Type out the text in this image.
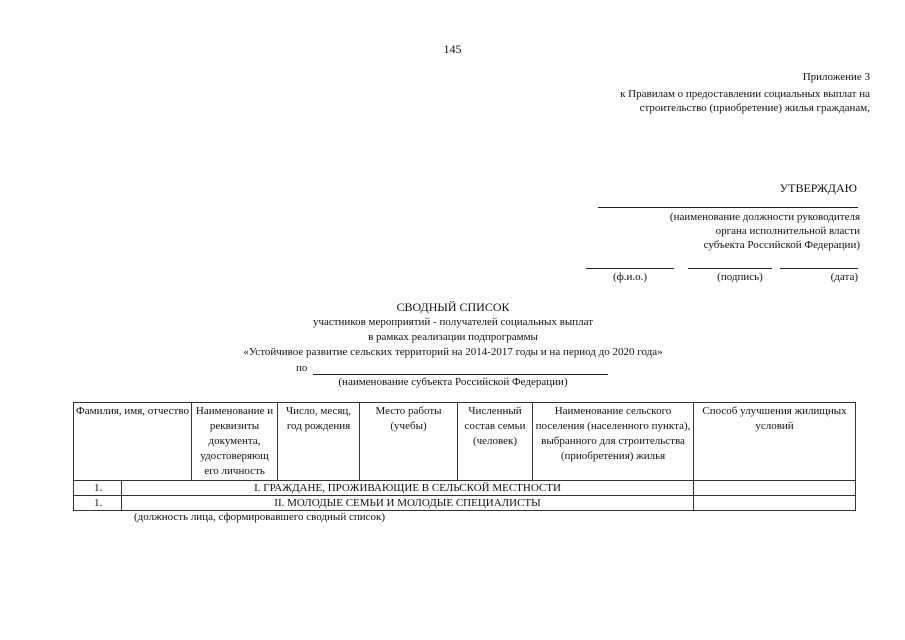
145
Приложение 3
к Правилам о предоставлении социальных выплат на
строительство (приобретение) жилья гражданам,
УТВЕРЖДАЮ
(наименование должности руководителя
органа исполнительной власти
субъекта Российской Федерации)
(ф.и.о.)	(подпись)	(дата)
СВОДНЫЙ СПИСОК
участников мероприятий - получателей социальных выплат
в рамках реализации подпрограммы
«Устойчивое развитие сельских территорий на 2014-2017 годы и на период до 2020 года»
по
(наименование субъекта Российской Федерации)
Фамилия, имя, отчество		Наименование и реквизиты документа, удостоверяющ его личность	Число, месяц, год рождения	Место работы (учебы)	Численный состав семьи (человек)	Наименование сельского поселения (населенного пункта), выбранного для строительства (приобретения) жилья	Способ улучшения жилищных условий
1.	I. ГРАЖДАНЕ, ПРОЖИВАЮЩИЕ В СЕЛЬСКОЙ МЕСТНОСТИ						
1.	II. МОЛОДЫЕ СЕМЬИ И МОЛОДЫЕ СПЕЦИАЛИСТЫ						
(должность лица, сформировавшего сводный список)
